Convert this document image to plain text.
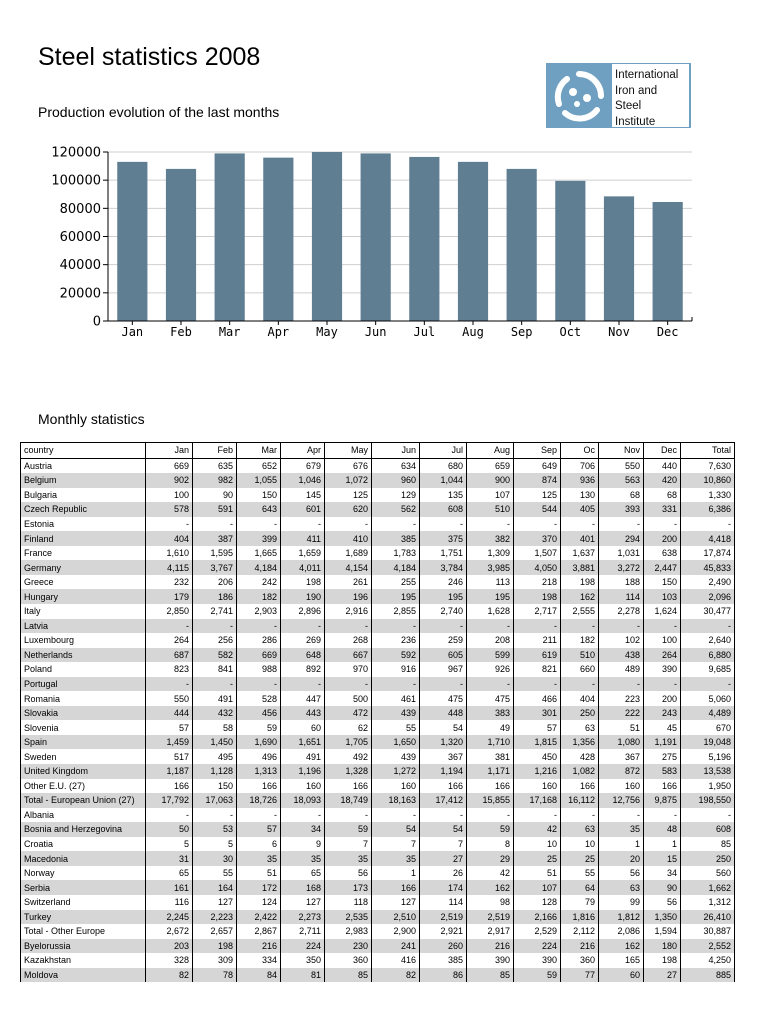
Steel statistics 2008
Production evolution of the last months
International
Iron and
Steel
Institute
0
20000
40000
60000
80000
100000
120000
Jan Feb Mar Apr May Jun Jul Aug Sep Oct Nov Dec
Monthly statistics
country	Jan	Feb	Mar	Apr	May	Jun	Jul	Aug	Sep	Oc	Nov	Dec	Total
Austria	669	635	652	679	676	634	680	659	649	706	550	440	7,630
Belgium	902	982	1,055	1,046	1,072	960	1,044	900	874	936	563	420	10,860
Bulgaria	100	90	150	145	125	129	135	107	125	130	68	68	1,330
Czech Republic	578	591	643	601	620	562	608	510	544	405	393	331	6,386
Estonia	-	-	-	-	-	-	-	-	-	-	-	-	-
Finland	404	387	399	411	410	385	375	382	370	401	294	200	4,418
France	1,610	1,595	1,665	1,659	1,689	1,783	1,751	1,309	1,507	1,637	1,031	638	17,874
Germany	4,115	3,767	4,184	4,011	4,154	4,184	3,784	3,985	4,050	3,881	3,272	2,447	45,833
Greece	232	206	242	198	261	255	246	113	218	198	188	150	2,490
Hungary	179	186	182	190	196	195	195	195	198	162	114	103	2,096
Italy	2,850	2,741	2,903	2,896	2,916	2,855	2,740	1,628	2,717	2,555	2,278	1,624	30,477
Latvia	-	-	-	-	-	-	-	-	-	-	-	-	-
Luxembourg	264	256	286	269	268	236	259	208	211	182	102	100	2,640
Netherlands	687	582	669	648	667	592	605	599	619	510	438	264	6,880
Poland	823	841	988	892	970	916	967	926	821	660	489	390	9,685
Portugal	-	-	-	-	-	-	-	-	-	-	-	-	-
Romania	550	491	528	447	500	461	475	475	466	404	223	200	5,060
Slovakia	444	432	456	443	472	439	448	383	301	250	222	243	4,489
Slovenia	57	58	59	60	62	55	54	49	57	63	51	45	670
Spain	1,459	1,450	1,690	1,651	1,705	1,650	1,320	1,710	1,815	1,356	1,080	1,191	19,048
Sweden	517	495	496	491	492	439	367	381	450	428	367	275	5,196
United Kingdom	1,187	1,128	1,313	1,196	1,328	1,272	1,194	1,171	1,216	1,082	872	583	13,538
Other E.U. (27)	166	150	166	160	166	160	166	166	160	166	160	166	1,950
Total - European Union (27)	17,792	17,063	18,726	18,093	18,749	18,163	17,412	15,855	17,168	16,112	12,756	9,875	198,550
Albania	-	-	-	-	-	-	-	-	-	-	-	-	-
Bosnia and Herzegovina	50	53	57	34	59	54	54	59	42	63	35	48	608
Croatia	5	5	6	9	7	7	7	8	10	10	1	1	85
Macedonia	31	30	35	35	35	35	27	29	25	25	20	15	250
Norway	65	55	51	65	56	1	26	42	51	55	56	34	560
Serbia	161	164	172	168	173	166	174	162	107	64	63	90	1,662
Switzerland	116	127	124	127	118	127	114	98	128	79	99	56	1,312
Turkey	2,245	2,223	2,422	2,273	2,535	2,510	2,519	2,519	2,166	1,816	1,812	1,350	26,410
Total - Other Europe	2,672	2,657	2,867	2,711	2,983	2,900	2,921	2,917	2,529	2,112	2,086	1,594	30,887
Byelorussia	203	198	216	224	230	241	260	216	224	216	162	180	2,552
Kazakhstan	328	309	334	350	360	416	385	390	390	360	165	198	4,250
Moldova	82	78	84	81	85	82	86	85	59	77	60	27	885
